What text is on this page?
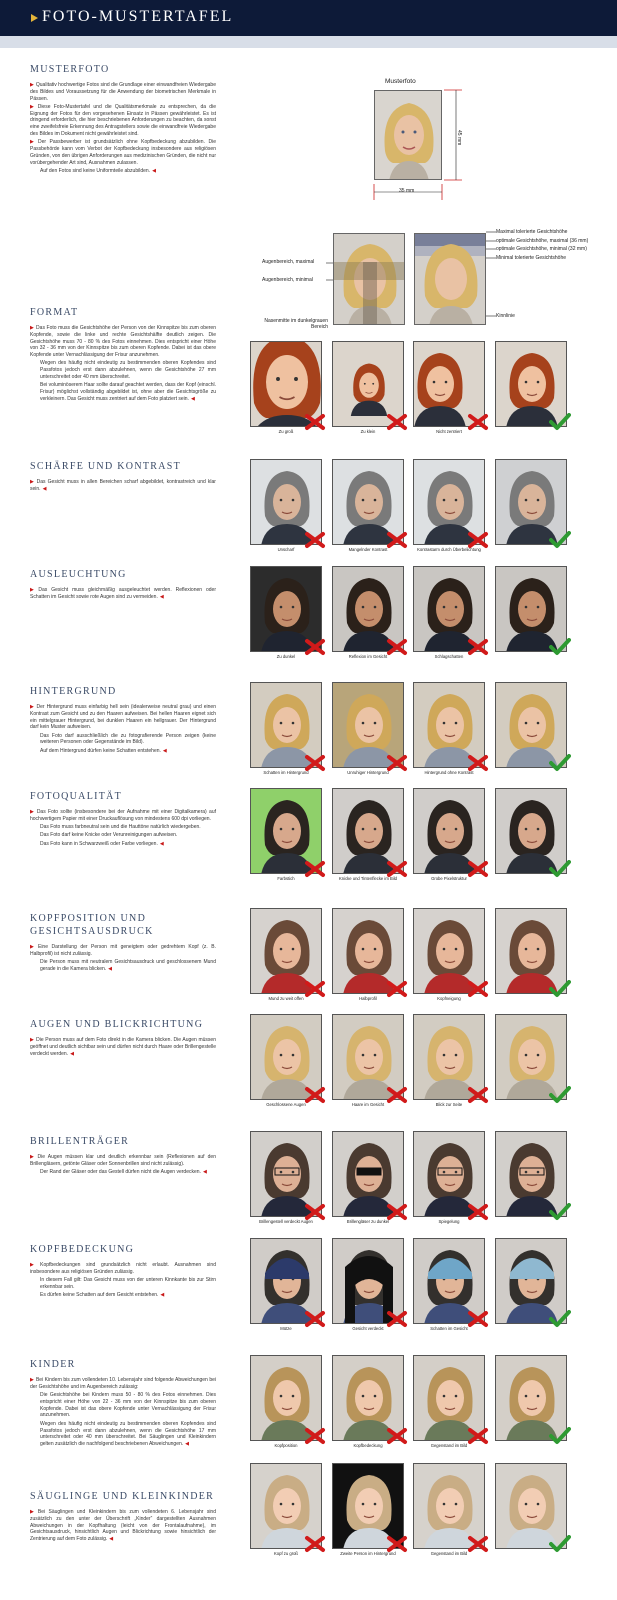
FOTO-MUSTERTAFEL
MUSTERFOTO

▶ Qualitativ hochwertige Fotos sind die Grundlage einer einwandfreien Wiedergabe des Bildes und Voraussetzung für die Anwendung der biometrischen Merkmale in Pässen.

▶ Diese Foto-Mustertafel und die Qualitätsmerkmale zu entsprechen, da die Eignung der Fotos für den vorgesehenen Einsatz in Pässen gewährleistet. Es ist dringend erforderlich, die hier beschriebenen Anforderungen zu beachten, da sonst eine zweifelsfreie Erkennung des Antragstellers sowie die einwandfreie Wiedergabe des Bildes im Dokument nicht gewährleistet sind.

▶ Der Passbewerber ist grundsätzlich ohne Kopfbedeckung abzubilden. Die Passbehörde kann vom Verbot der Kopfbedeckung insbesondere aus religiösen Gründen, von den übrigen Anforderungen aus medizinischen Gründen, die nicht nur vorübergehender Art sind, Ausnahmen zulassen.

Auf den Fotos sind keine Uniformteile abzubilden. ◀

Musterfoto
45 mm
35 mm
Augenbereich, maximal
Augenbereich, minimal
Nasenmitte im dunkelgrauen Bereich
Maximal tolerierte Gesichtshöhe
optimale Gesichtshöhe, maximal (36 mm)
optimale Gesichtshöhe, minimal (32 mm)
Minimal tolerierte Gesichtshöhe
Kinnlinie
FORMAT

▶ Das Foto muss die Gesichtshöhe der Person von der Kinnspitze bis zum oberen Kopfende, sowie die linke und rechte Gesichtshälfte deutlich zeigen. Die Gesichtshöhe muss 70 - 80 % des Fotos einnehmen. Dies entspricht einer Höhe von 32 - 36 mm von der Kinnspitze bis zum oberen Kopfende. Dabei ist das obere Kopfende unter Vernachlässigung der Frisur anzunehmen.

Wegen des häufig nicht eindeutig zu bestimmenden oberen Kopfendes sind Passfotos jedoch erst dann abzulehnen, wenn die Gesichtshöhe 27 mm unterschreitet oder 40 mm überschreitet.

Bei voluminöserem Haar sollte darauf geachtet werden, dass der Kopf (einschl. Frisur) möglichst vollständig abgebildet ist, ohne aber die Gesichtsgröße zu verkleinern. Das Gesicht muss zentriert auf dem Foto platziert sein. ◀

Zu groß	Zu klein	Nicht zentriert
SCHÄRFE UND KONTRAST

▶ Das Gesicht muss in allen Bereichen scharf abgebildet, kontrastreich und klar sein. ◀

Unscharf	Mangelnder Kontrast	Kontrastarm durch Überbelichtung
AUSLEUCHTUNG

▶ Das Gesicht muss gleichmäßig ausgeleuchtet werden. Reflexionen oder Schatten im Gesicht sowie rote Augen sind zu vermeiden. ◀

Zu dunkel	Reflexion im Gesicht	Schlagschatten
HINTERGRUND

▶ Der Hintergrund muss einfarbig hell sein (idealerweise neutral grau) und einen Kontrast zum Gesicht und zu den Haaren aufweisen. Bei hellen Haaren eignet sich ein mittelgrauer Hintergrund, bei dunklen Haaren ein hellgrauer. Der Hintergrund darf kein Muster aufweisen.

Das Foto darf ausschließlich die zu fotografierende Person zeigen (keine weiteren Personen oder Gegenstände im Bild).

Auf dem Hintergrund dürfen keine Schatten entstehen. ◀

Schatten im Hintergrund	Unruhiger Hintergrund	Hintergrund ohne Kontrast
FOTOQUALITÄT

▶ Das Foto sollte (insbesondere bei der Aufnahme mit einer Digitalkamera) auf hochwertigem Papier mit einer Druckauflösung von mindestens 600 dpi vorliegen.

Das Foto muss farbneutral sein und die Hauttöne natürlich wiedergeben.

Das Foto darf keine Knicke oder Verunreinigungen aufweisen.

Das Foto kann in Schwarzweiß oder Farbe vorliegen. ◀

Farbstich	Knicke und Tintenflecke im Bild	Grobe Pixelstruktur
KOPFPOSITION UND GESICHTSAUSDRUCK

▶ Eine Darstellung der Person mit geneigtem oder gedrehtem Kopf (z. B. Halbprofil) ist nicht zulässig.

Die Person muss mit neutralem Gesichtsausdruck und geschlossenem Mund gerade in die Kamera blicken. ◀

Mund zu weit offen	Halbprofil	Kopfneigung
AUGEN UND BLICKRICHTUNG

▶ Die Person muss auf dem Foto direkt in die Kamera blicken. Die Augen müssen geöffnet und deutlich sichtbar sein und dürfen nicht durch Haare oder Brillengestelle verdeckt werden. ◀

Geschlossene Augen	Haare im Gesicht	Blick zur Seite
BRILLENTRÄGER

▶ Die Augen müssen klar und deutlich erkennbar sein (Reflexionen auf den Brillengläsern, getönte Gläser oder Sonnenbrillen sind nicht zulässig).

Der Rand der Gläser oder das Gestell dürfen nicht die Augen verdecken. ◀

Brillengestell verdeckt Augen	Brillengläser zu dunkel	Spiegelung
KOPFBEDECKUNG

▶ Kopfbedeckungen sind grundsätzlich nicht erlaubt. Ausnahmen sind insbesondere aus religiösen Gründen zulässig.

In diesem Fall gilt: Das Gesicht muss von der unteren Kinnkante bis zur Stirn erkennbar sein.

Es dürfen keine Schatten auf dem Gesicht entstehen. ◀

Mütze	Gesicht verdeckt	Schatten im Gesicht
KINDER

▶ Bei Kindern bis zum vollendeten 10. Lebensjahr sind folgende Abweichungen bei der Gesichtshöhe und im Augenbereich zulässig:

Die Gesichtshöhe bei Kindern muss 50 - 80 % des Fotos einnehmen. Dies entspricht einer Höhe von 22 - 36 mm von der Kinnspitze bis zum oberen Kopfende. Dabei ist das obere Kopfende unter Vernachlässigung der Frisur anzunehmen.

Wegen des häufig nicht eindeutig zu bestimmenden oberen Kopfendes sind Passfotos jedoch erst dann abzulehnen, wenn die Gesichtshöhe 17 mm unterschreitet oder 40 mm überschreitet. Bei Säuglingen und Kleinkindern gelten zusätzlich die nachfolgend beschriebenen Abweichungen. ◀	Kopfposition	Kopfbedeckung	Gegenstand im Bild
SÄUGLINGE UND KLEINKINDER

▶ Bei Säuglingen und Kleinkindern bis zum vollendeten 6. Lebensjahr sind zusätzlich zu den unter der Überschrift „Kinder“ dargestellten Ausnahmen Abweichungen in der Kopfhaltung (leicht von der Frontalaufnahme), im Gesichtsausdruck, hinsichtlich Augen und Blickrichtung sowie hinsichtlich der Zentrierung auf dem Foto zulässig. ◀

Kopf zu groß	Zweite Person im Hintergrund	Gegenstand im Bild
